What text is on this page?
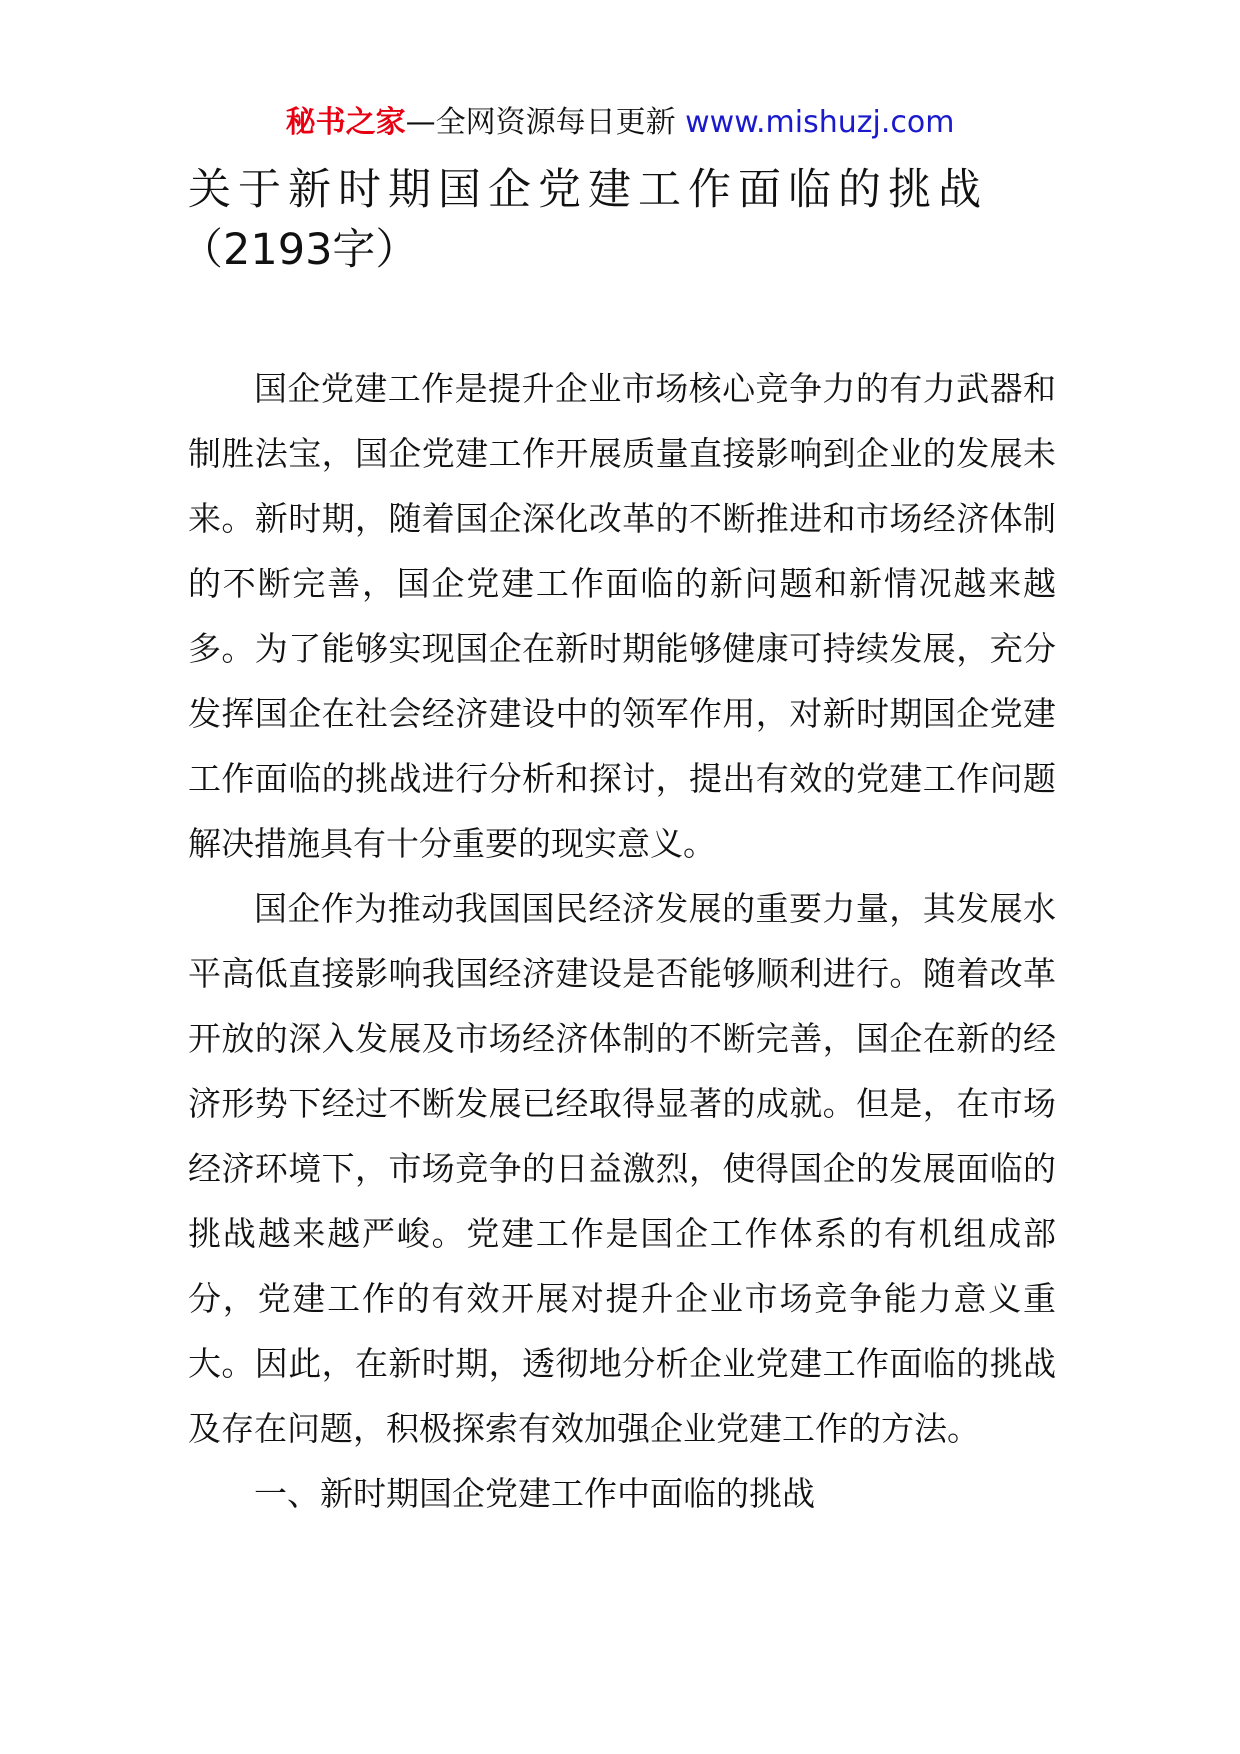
秘书之家—全网资源每日更新 www.mishuzj.com
关于新时期国企党建工作面临的挑战
（2193字）

国企党建工作是提升企业市场核心竞争力的有力武器和制胜法宝，国企党建工作开展质量直接影响到企业的发展未来。新时期，随着国企深化改革的不断推进和市场经济体制的不断完善，国企党建工作面临的新问题和新情况越来越多。为了能够实现国企在新时期能够健康可持续发展，充分发挥国企在社会经济建设中的领军作用，对新时期国企党建工作面临的挑战进行分析和探讨，提出有效的党建工作问题解决措施具有十分重要的现实意义。

国企作为推动我国国民经济发展的重要力量，其发展水平高低直接影响我国经济建设是否能够顺利进行。随着改革开放的深入发展及市场经济体制的不断完善，国企在新的经济形势下经过不断发展已经取得显著的成就。但是，在市场经济环境下，市场竞争的日益激烈，使得国企的发展面临的挑战越来越严峻。党建工作是国企工作体系的有机组成部分，党建工作的有效开展对提升企业市场竞争能力意义重大。因此，在新时期，透彻地分析企业党建工作面临的挑战及存在问题，积极探索有效加强企业党建工作的方法。

一、新时期国企党建工作中面临的挑战
